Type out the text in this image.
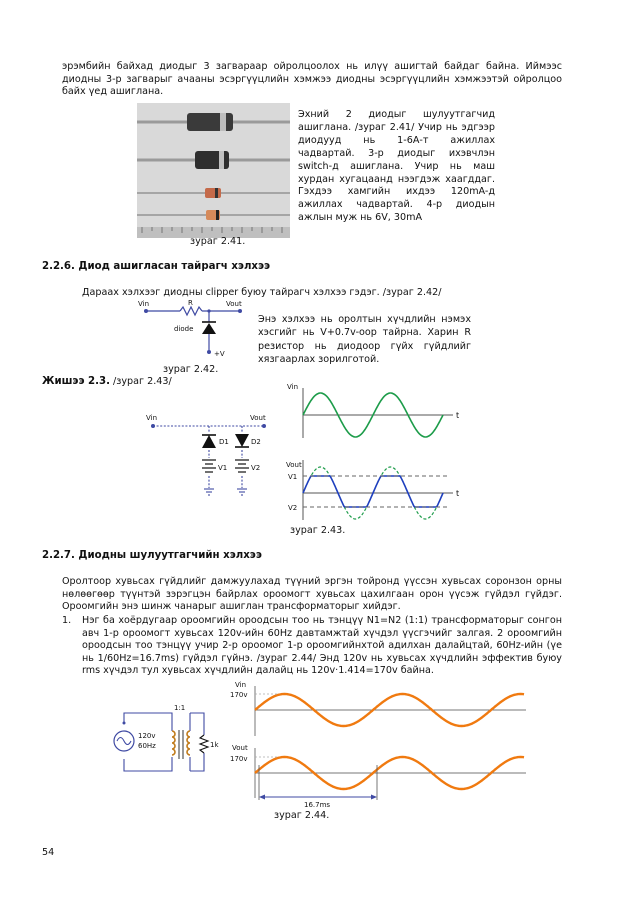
эрэмбийн байхад диодыг 3 загвараар ойролцоолох нь илүү ашигтай байдаг байна. Иймээс диодны 3-р загварыг ачааны эсэргүүцлийн хэмжээ диодны эсэргүүцлийн хэмжээтэй ойролцоо байх үед ашиглана.
Эхний 2 диодыг шулуутгагчид ашиглана. /зураг 2.41/ Учир нь эдгээр диодууд нь 1-6А-т ажиллах чадвартай. 3-р диодыг ихэвчлэн switch-д ашиглана. Учир нь маш хурдан хугацаанд нээгдэж хаагддаг. Гэхдээ хамгийн ихдээ 120mA-д ажиллах чадвартай. 4-р диодын ажлын муж нь 6V, 30mA
зураг 2.41.
2.2.6. Диод ашигласан тайрагч хэлхээ
Дараах хэлхээг диодны clipper буюу тайрагч хэлхээ гэдэг. /зураг 2.42/
Vin	R	Vout
diode
+V
Энэ хэлхээ нь оролтын хүчдлийн нэмэх хэсгийг нь V+0.7v-оор тайрна. Харин R резистор нь диодоор гүйх гүйдлийг хязгаарлах зорилготой.
зураг 2.42.
Жишээ 2.3. /зураг 2.43/
Vin	Vout
D1	D2
V1	V2
Vin
t
Vout
V1
V2
t
зураг 2.43.
2.2.7. Диодны шулуутгагчийн хэлхээ
Оролтоор хувьсах гүйдлийг дамжуулахад түүний эргэн тойронд үүссэн хувьсах соронзон орны нөлөөгөөр түүнтэй зэрэгцэн байрлах ороомогт хувьсах цахилгаан орон үүсэж гүйдэл гүйдэг. Ороомгийн энэ шинж чанарыг ашиглан трансформаторыг хийдэг.
1. Нэг ба хоёрдугаар ороомгийн ороодсын тоо нь тэнцүү N1=N2 (1:1) трансформаторыг сонгон авч 1-р ороомогт хувьсах 120v-ийн 60Hz давтамжтай хүчдэл үүсгэчийг залгая. 2 ороомгийн ороодсын тоо тэнцүү учир 2-р ороомог 1-р ороомгийнхтой адилхан далайцтай, 60Hz-ийн (үе нь 1/60Hz=16.7ms) гүйдэл гүйнэ. /зураг 2.44/ Энд 120v нь хувьсах хүчдлийн эффектив буюу rms хүчдэл тул хувьсах хүчдлийн далайц нь 120v·1.414=170v байна.
1:1
120v
60Hz	1k
Vin
170v
Vout
170v
16.7ms
зураг 2.44.
54
